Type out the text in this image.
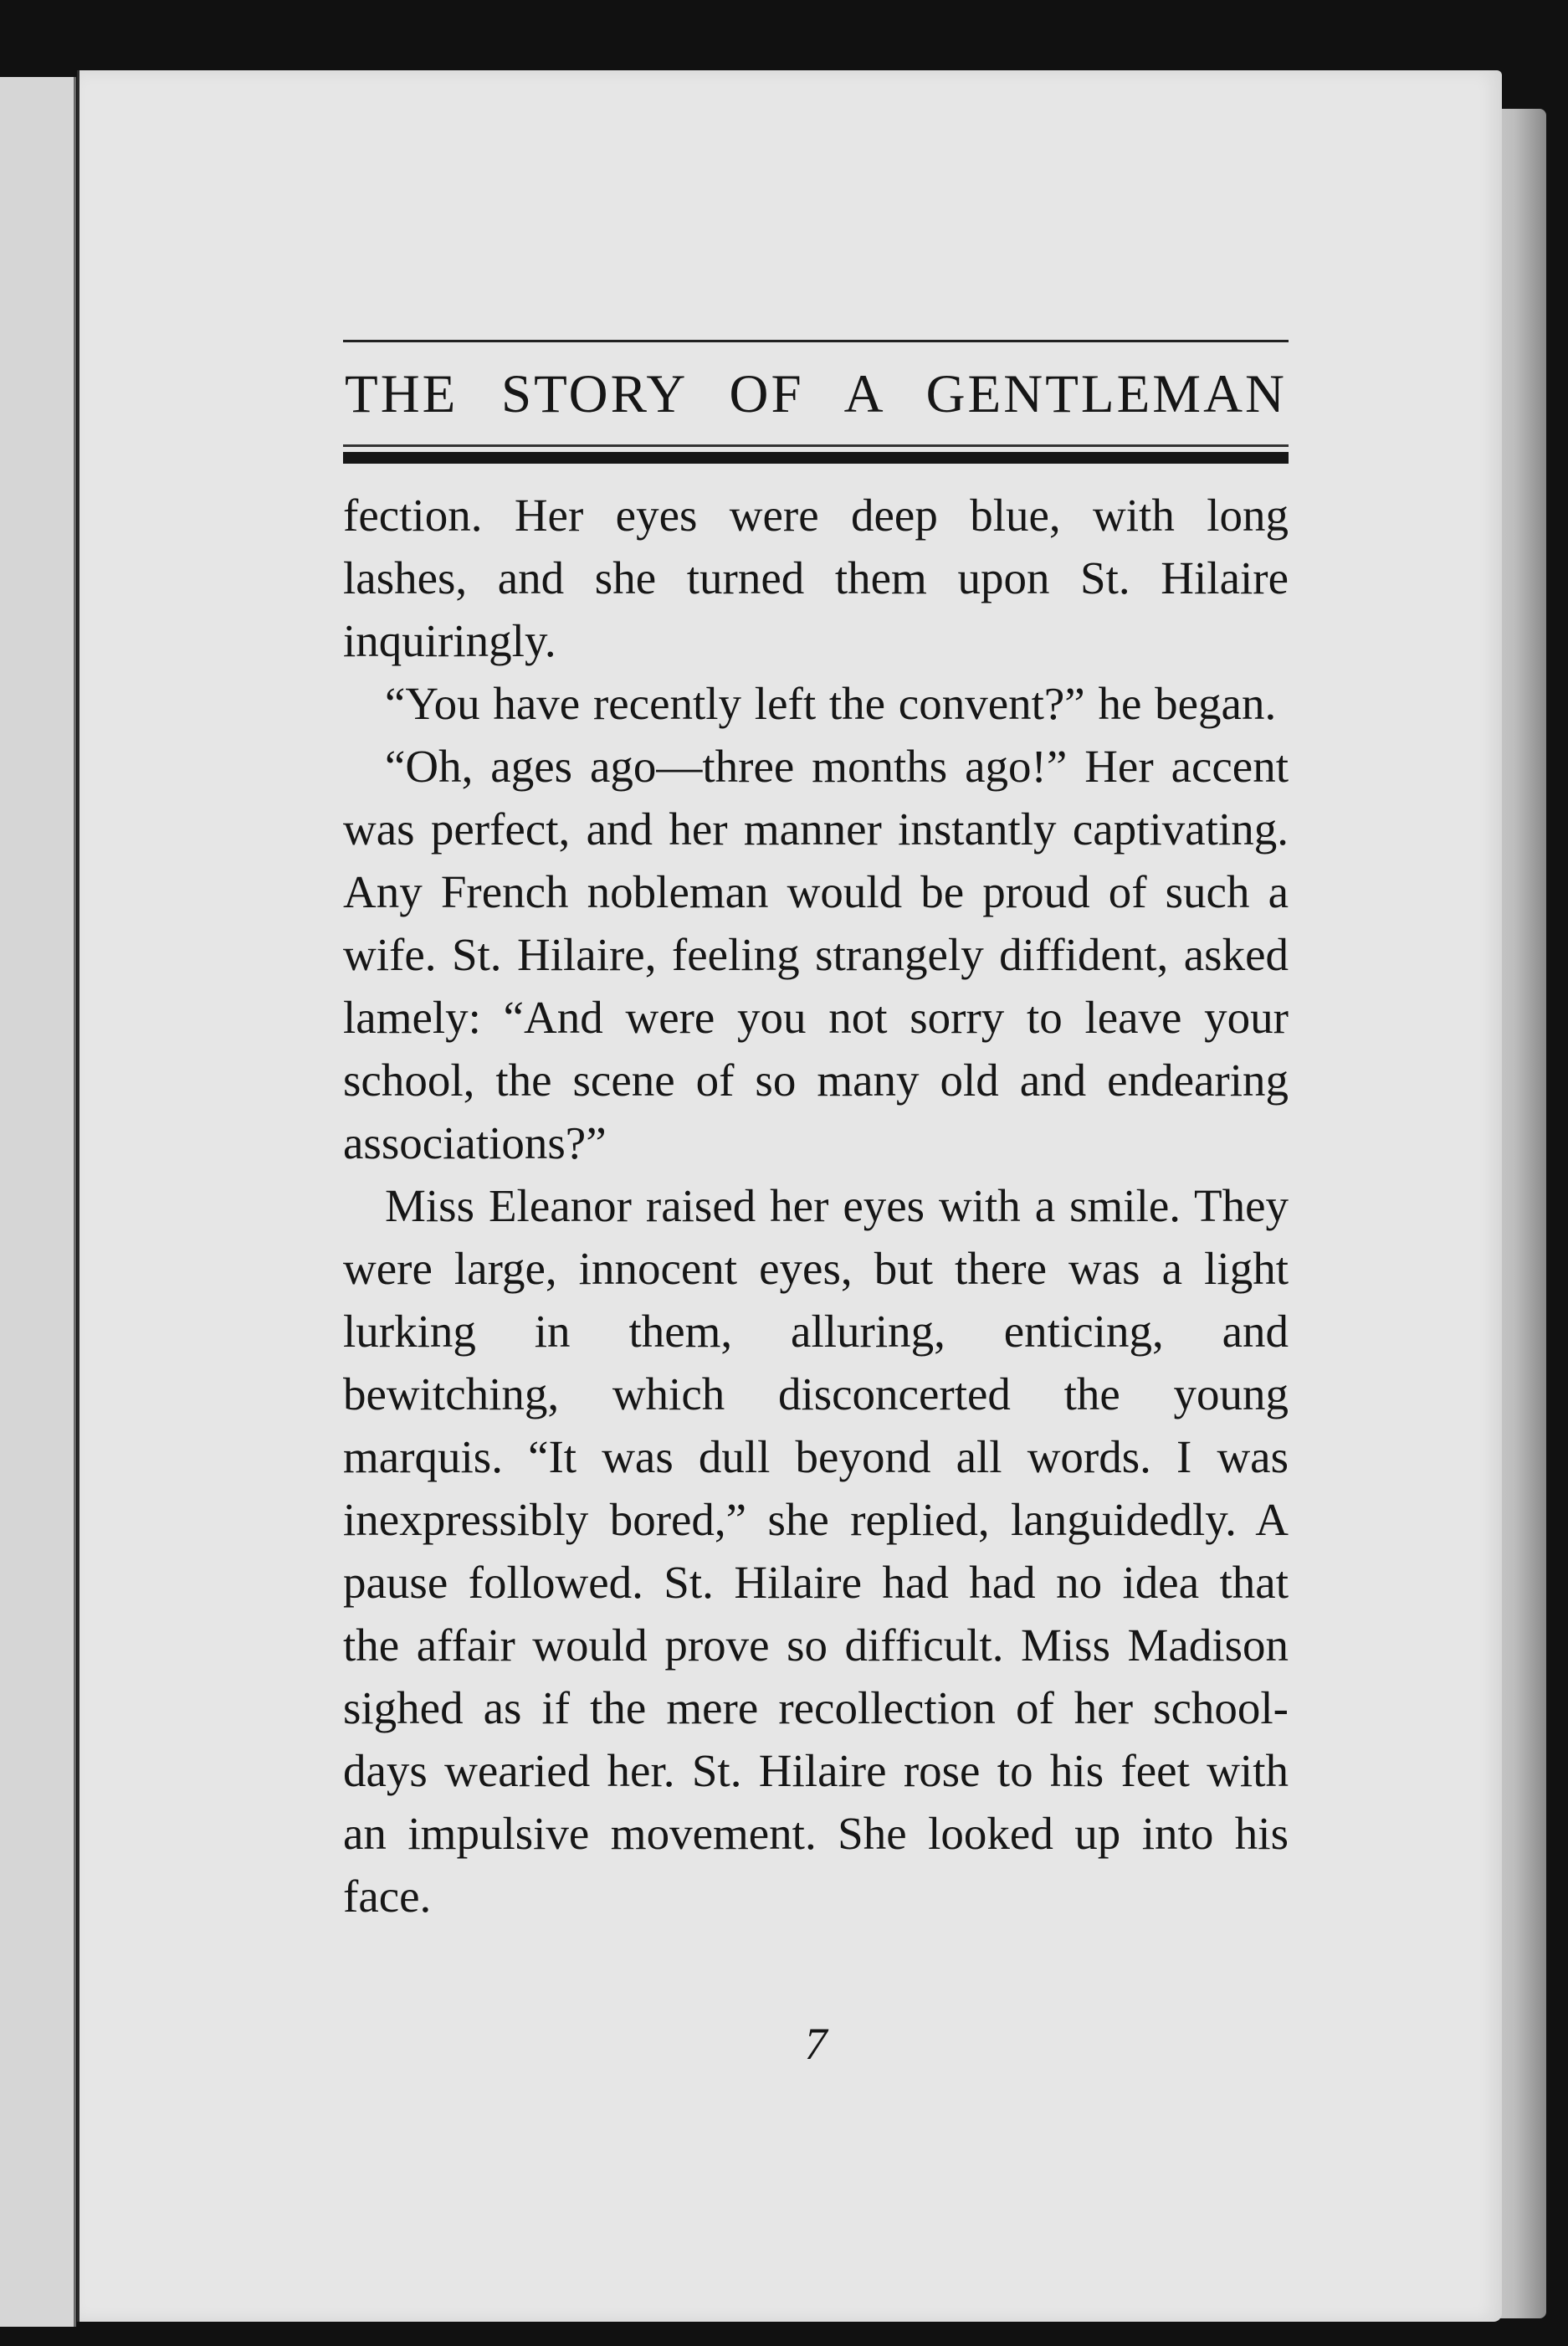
THE STORY OF A GENTLEMAN

fection. Her eyes were deep blue, with long lashes, and she turned them upon St. Hilaire inquiringly.

“You have recently left the convent?” he began.

“Oh, ages ago—three months ago!” Her accent was perfect, and her manner instantly captivating. Any French nobleman would be proud of such a wife. St. Hilaire, feeling strangely diffident, asked lamely: “And were you not sorry to leave your school, the scene of so many old and endearing associations?”

Miss Eleanor raised her eyes with a smile. They were large, innocent eyes, but there was a light lurking in them, alluring, enticing, and bewitching, which disconcerted the young marquis. “It was dull beyond all words. I was inexpressibly bored,” she replied, languidedly. A pause followed. St. Hilaire had had no idea that the affair would prove so difficult. Miss Madison sighed as if the mere recollection of her school-days wearied her. St. Hilaire rose to his feet with an impulsive movement. She looked up into his face.

7
